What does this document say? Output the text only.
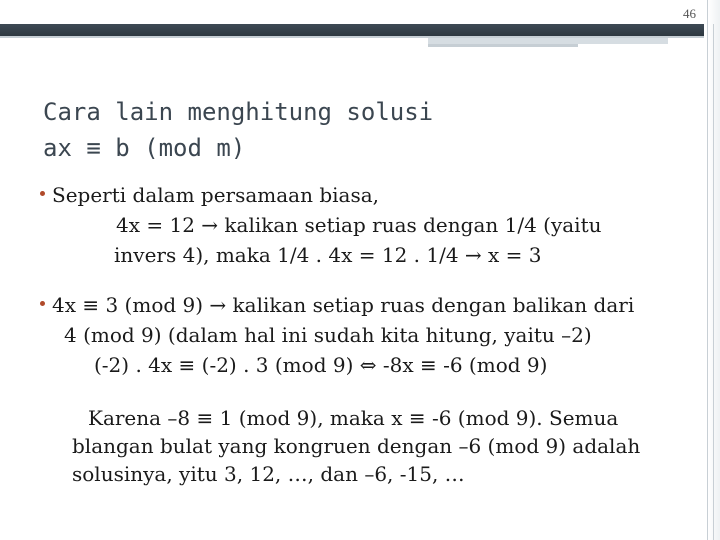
46
Cara lain menghitung solusi
ax ≡ b (mod m)
Seperti dalam persamaan biasa,
4x = 12 → kalikan setiap ruas dengan 1/4 (yaitu
invers 4), maka 1/4 . 4x = 12 . 1/4 → x = 3
4x ≡ 3 (mod 9) → kalikan setiap ruas dengan balikan dari
4 (mod 9) (dalam hal ini sudah kita hitung, yaitu –2)
(-2) . 4x ≡ (-2) . 3 (mod 9) ⇔ -8x ≡ -6 (mod 9)
Karena –8 ≡ 1 (mod 9), maka x ≡ -6 (mod 9). Semua
blangan bulat yang kongruen dengan –6 (mod 9) adalah
solusinya, yitu 3, 12, …, dan –6, -15, …
